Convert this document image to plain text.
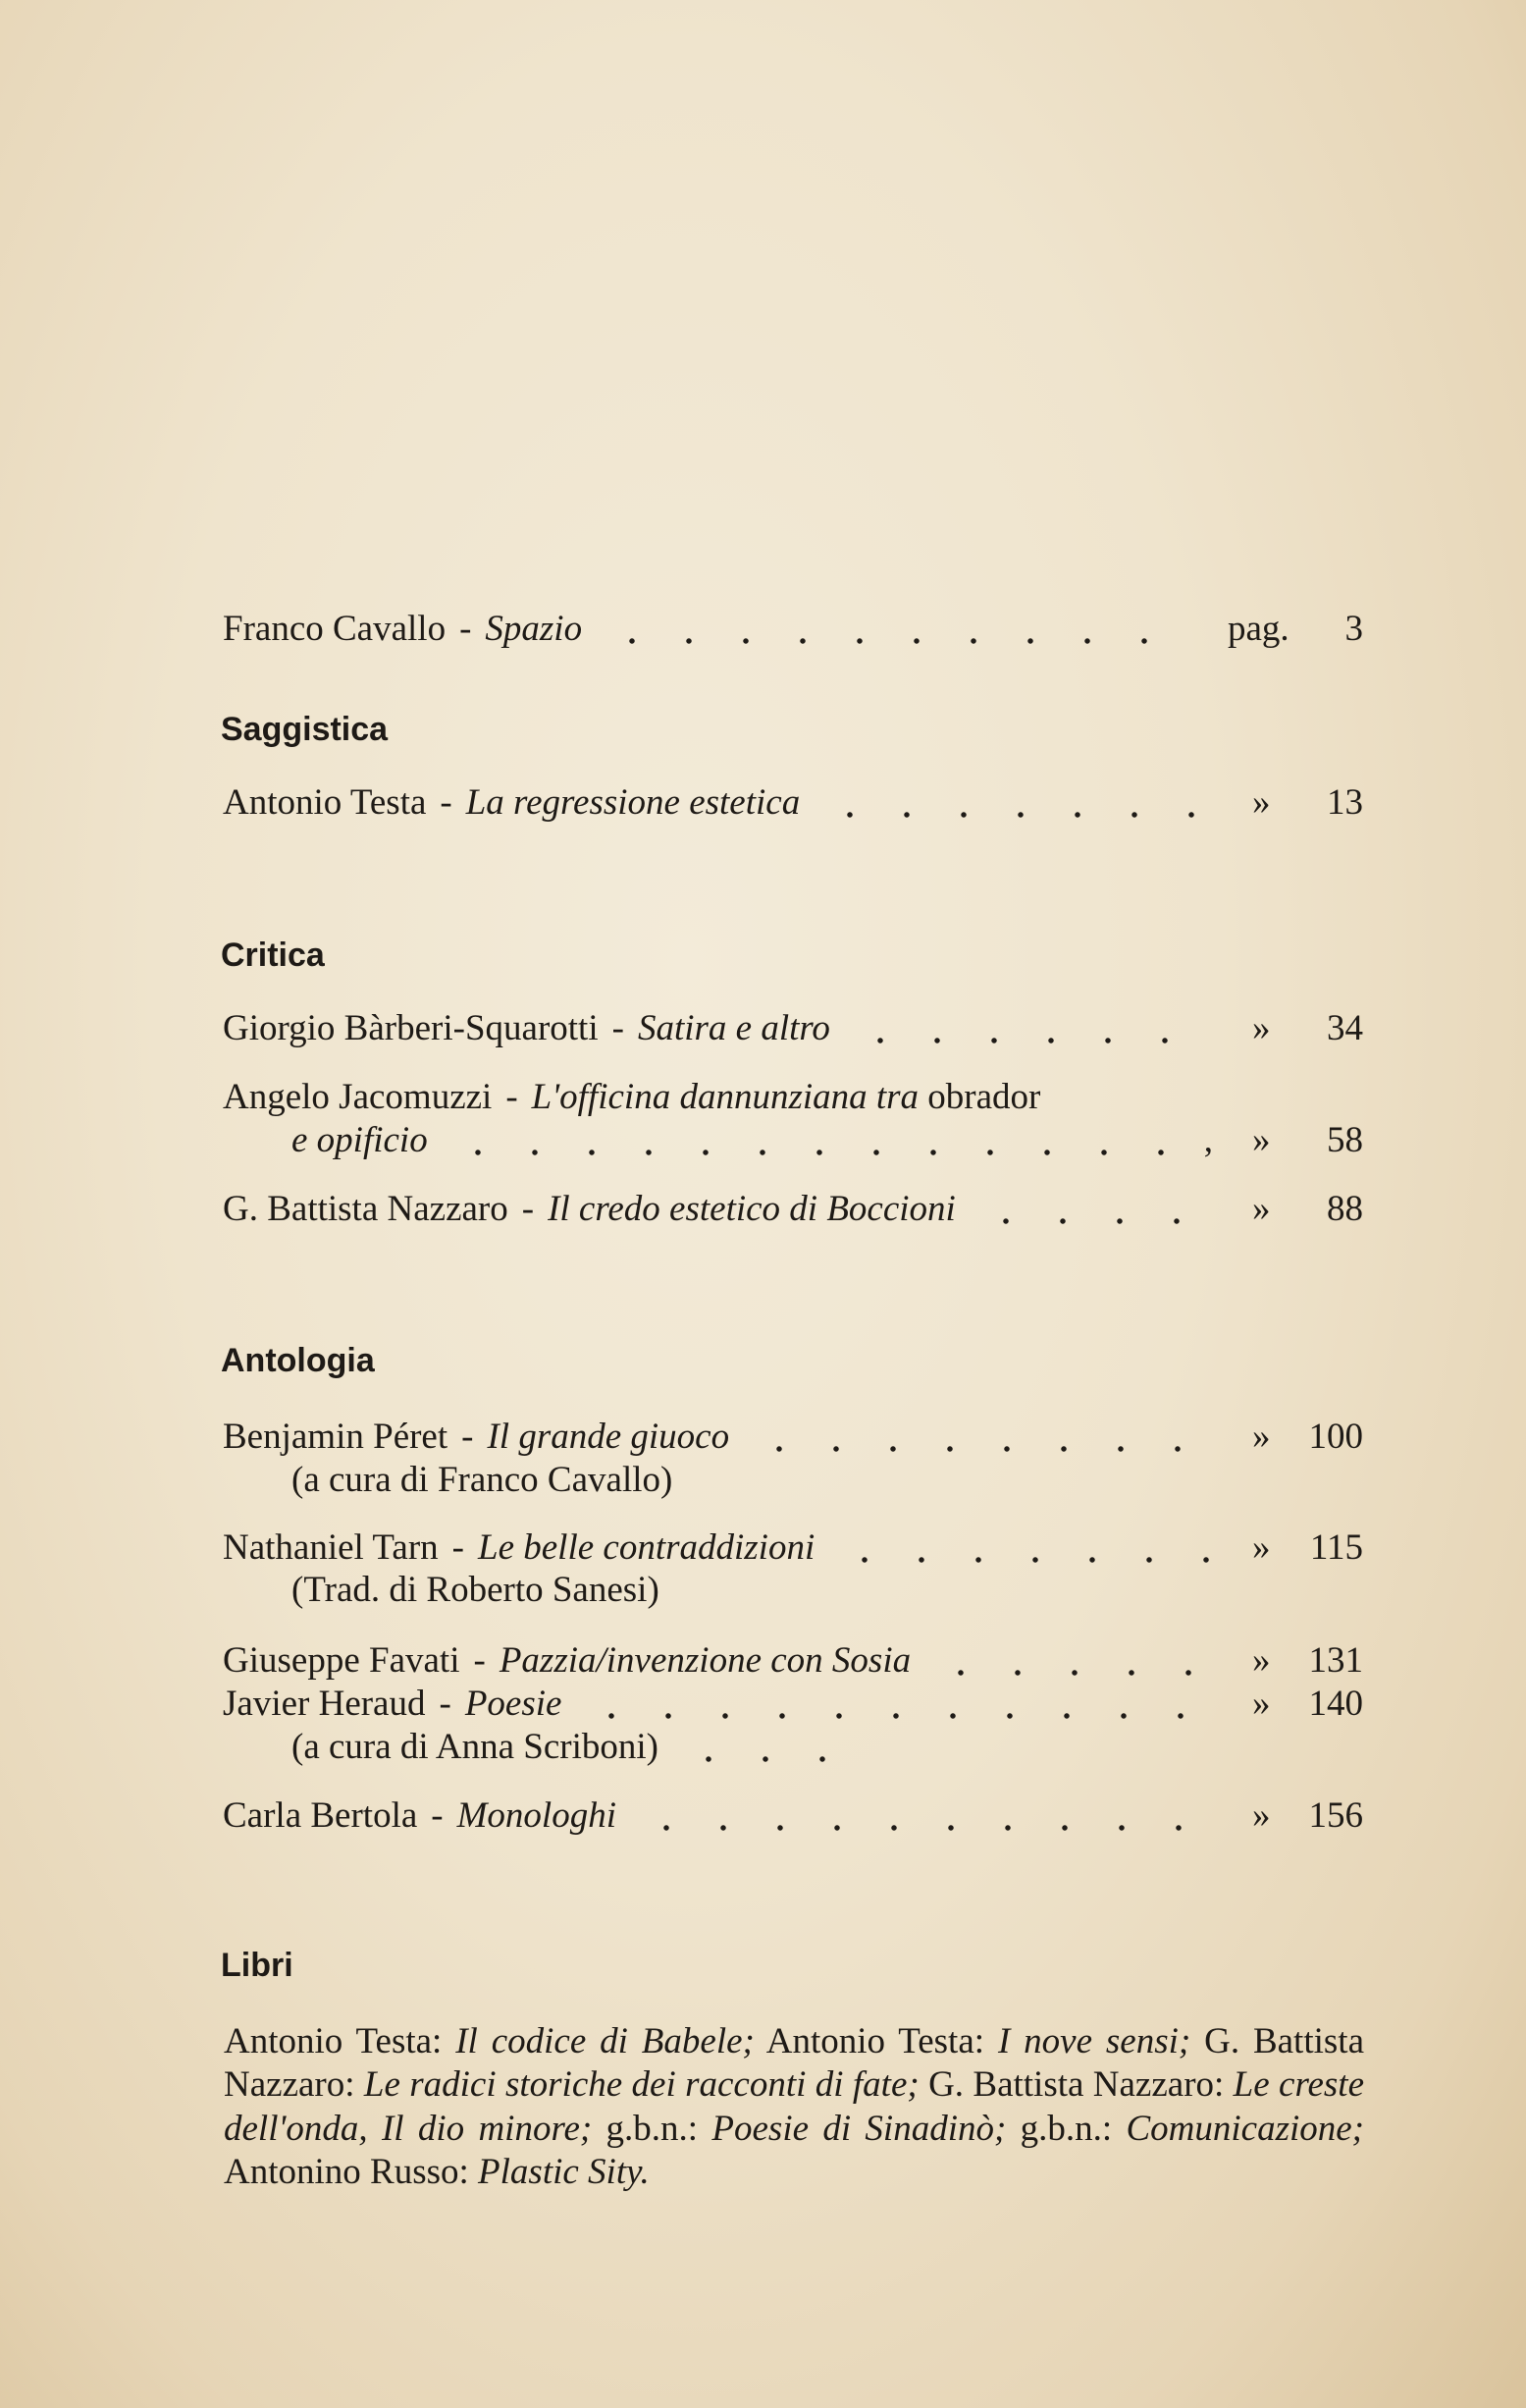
Franco Cavallo - Spazio	pag. 3
Saggistica
Antonio Testa - La regressione estetica	» 13
Critica
Giorgio Bàrberi-Squarotti - Satira e altro	» 34
Angelo Jacomuzzi - L'officina dannunziana tra
obrador
e opificio	, » 58
G. Battista Nazzaro - Il credo estetico di Boccioni	» 88
Antologia
Benjamin Péret - Il grande giuoco	» 100
(a cura di Franco Cavallo)
Nathaniel Tarn - Le belle contraddizioni	» 115
(Trad. di Roberto Sanesi)
Giuseppe Favati - Pazzia/invenzione con Sosia	» 131
Javier Heraud - Poesie	» 140
(a cura di Anna Scriboni)
Carla Bertola - Monologhi	» 156
Libri
Antonio Testa: Il codice di Babele; Antonio Testa: I nove sensi; G. Battista Nazzaro: Le radici storiche dei racconti di fate; G. Battista Nazzaro: Le creste dell'onda, Il dio minore; g.b.n.: Poesie di Sinadinò; g.b.n.: Comunicazione; Antonino Russo: Plastic Sity.
